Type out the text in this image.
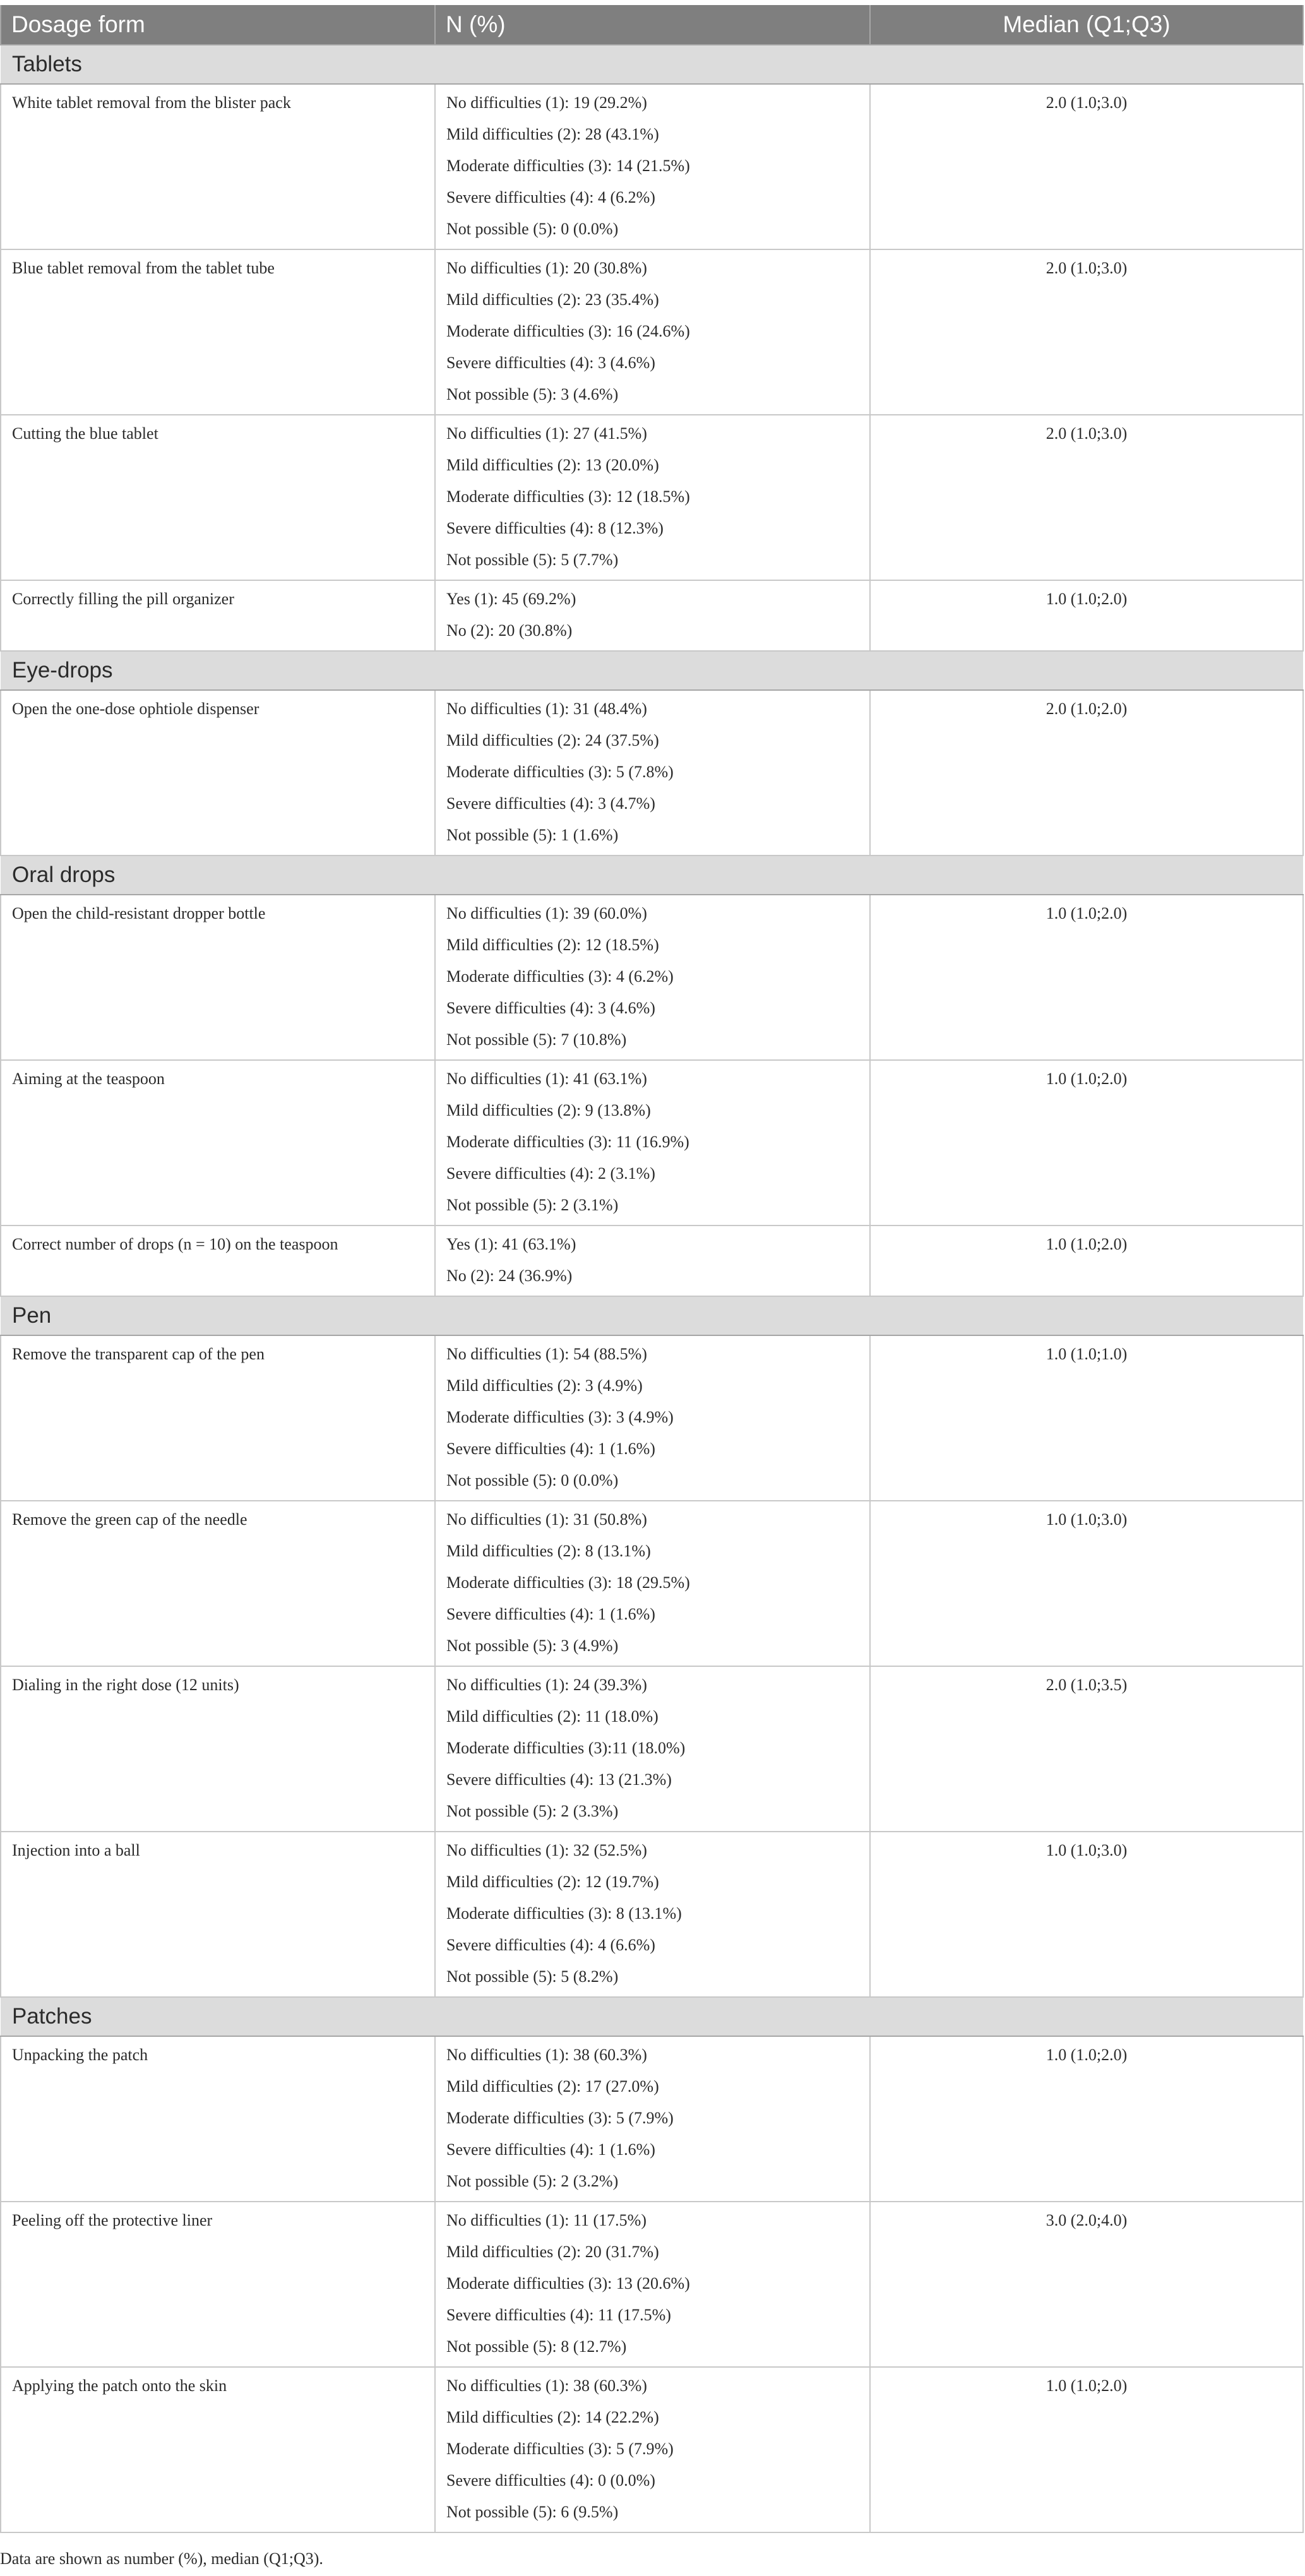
Dosage form	N (%)	Median (Q1;Q3)
Tablets		
White tablet removal from the blister pack	No difficulties (1): 19 (29.2%)
Mild difficulties (2): 28 (43.1%)
Moderate difficulties (3): 14 (21.5%)
Severe difficulties (4): 4 (6.2%)
Not possible (5): 0 (0.0%)	2.0 (1.0;3.0)
Blue tablet removal from the tablet tube	No difficulties (1): 20 (30.8%)
Mild difficulties (2): 23 (35.4%)
Moderate difficulties (3): 16 (24.6%)
Severe difficulties (4): 3 (4.6%)
Not possible (5): 3 (4.6%)	2.0 (1.0;3.0)
Cutting the blue tablet	No difficulties (1): 27 (41.5%)
Mild difficulties (2): 13 (20.0%)
Moderate difficulties (3): 12 (18.5%)
Severe difficulties (4): 8 (12.3%)
Not possible (5): 5 (7.7%)	2.0 (1.0;3.0)
Correctly filling the pill organizer	Yes (1): 45 (69.2%)
No (2): 20 (30.8%)	1.0 (1.0;2.0)
Eye-drops		
Open the one-dose ophtiole dispenser	No difficulties (1): 31 (48.4%)
Mild difficulties (2): 24 (37.5%)
Moderate difficulties (3): 5 (7.8%)
Severe difficulties (4): 3 (4.7%)
Not possible (5): 1 (1.6%)	2.0 (1.0;2.0)
Oral drops		
Open the child-resistant dropper bottle	No difficulties (1): 39 (60.0%)
Mild difficulties (2): 12 (18.5%)
Moderate difficulties (3): 4 (6.2%)
Severe difficulties (4): 3 (4.6%)
Not possible (5): 7 (10.8%)	1.0 (1.0;2.0)
Aiming at the teaspoon	No difficulties (1): 41 (63.1%)
Mild difficulties (2): 9 (13.8%)
Moderate difficulties (3): 11 (16.9%)
Severe difficulties (4): 2 (3.1%)
Not possible (5): 2 (3.1%)	1.0 (1.0;2.0)
Correct number of drops (n = 10) on the teaspoon	Yes (1): 41 (63.1%)
No (2): 24 (36.9%)	1.0 (1.0;2.0)
Pen		
Remove the transparent cap of the pen	No difficulties (1): 54 (88.5%)
Mild difficulties (2): 3 (4.9%)
Moderate difficulties (3): 3 (4.9%)
Severe difficulties (4): 1 (1.6%)
Not possible (5): 0 (0.0%)	1.0 (1.0;1.0)
Remove the green cap of the needle	No difficulties (1): 31 (50.8%)
Mild difficulties (2): 8 (13.1%)
Moderate difficulties (3): 18 (29.5%)
Severe difficulties (4): 1 (1.6%)
Not possible (5): 3 (4.9%)	1.0 (1.0;3.0)
Dialing in the right dose (12 units)	No difficulties (1): 24 (39.3%)
Mild difficulties (2): 11 (18.0%)
Moderate difficulties (3):11 (18.0%)
Severe difficulties (4): 13 (21.3%)
Not possible (5): 2 (3.3%)	2.0 (1.0;3.5)
Injection into a ball	No difficulties (1): 32 (52.5%)
Mild difficulties (2): 12 (19.7%)
Moderate difficulties (3): 8 (13.1%)
Severe difficulties (4): 4 (6.6%)
Not possible (5): 5 (8.2%)	1.0 (1.0;3.0)
Patches		
Unpacking the patch	No difficulties (1): 38 (60.3%)
Mild difficulties (2): 17 (27.0%)
Moderate difficulties (3): 5 (7.9%)
Severe difficulties (4): 1 (1.6%)
Not possible (5): 2 (3.2%)	1.0 (1.0;2.0)
Peeling off the protective liner	No difficulties (1): 11 (17.5%)
Mild difficulties (2): 20 (31.7%)
Moderate difficulties (3): 13 (20.6%)
Severe difficulties (4): 11 (17.5%)
Not possible (5): 8 (12.7%)	3.0 (2.0;4.0)
Applying the patch onto the skin	No difficulties (1): 38 (60.3%)
Mild difficulties (2): 14 (22.2%)
Moderate difficulties (3): 5 (7.9%)
Severe difficulties (4): 0 (0.0%)
Not possible (5): 6 (9.5%)	1.0 (1.0;2.0)
Data are shown as number (%), median (Q1;Q3).
